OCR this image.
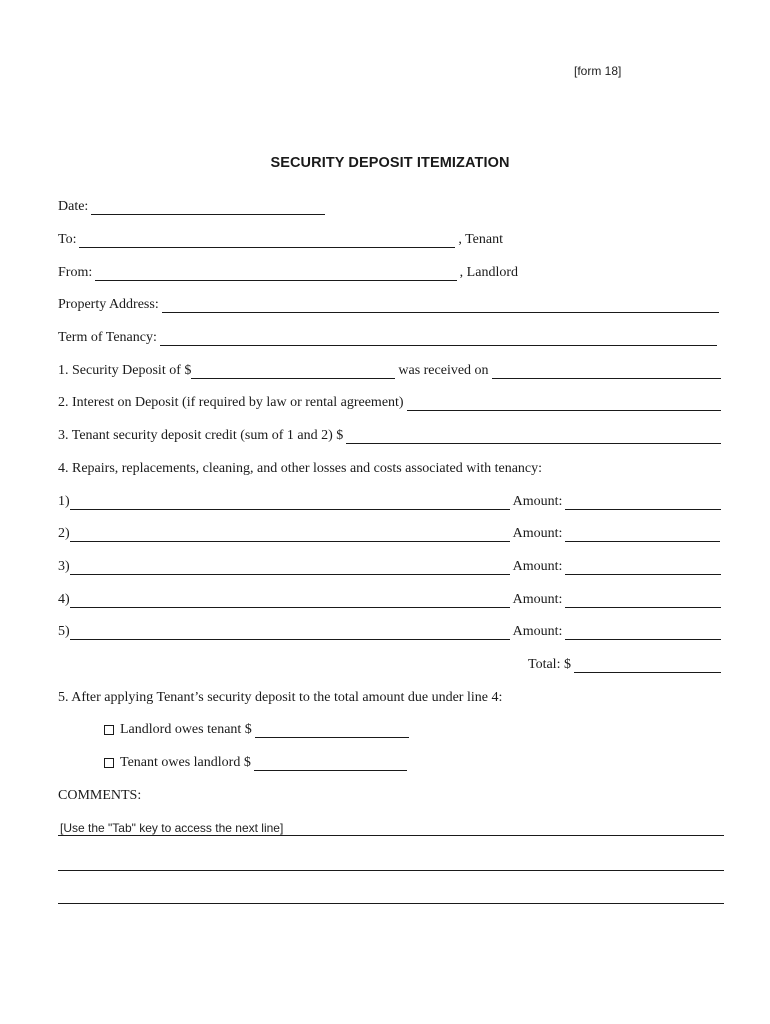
[form 18]
SECURITY DEPOSIT ITEMIZATION
Date:
To:	, Tenant
From:	, Landlord
Property Address:
Term of Tenancy:
1. Security Deposit of $	was received on
2. Interest on Deposit (if required by law or rental agreement)
3. Tenant security deposit credit (sum of 1 and 2) $
4. Repairs, replacements, cleaning, and other losses and costs associated with tenancy:
1)	Amount:
2)	Amount:
3)	Amount:
4)	Amount:
5)	Amount:
Total: $
5. After applying Tenant’s security deposit to the total amount due under line 4:
Landlord owes tenant $
Tenant owes landlord $
COMMENTS:
[Use the "Tab" key to access the next line]
